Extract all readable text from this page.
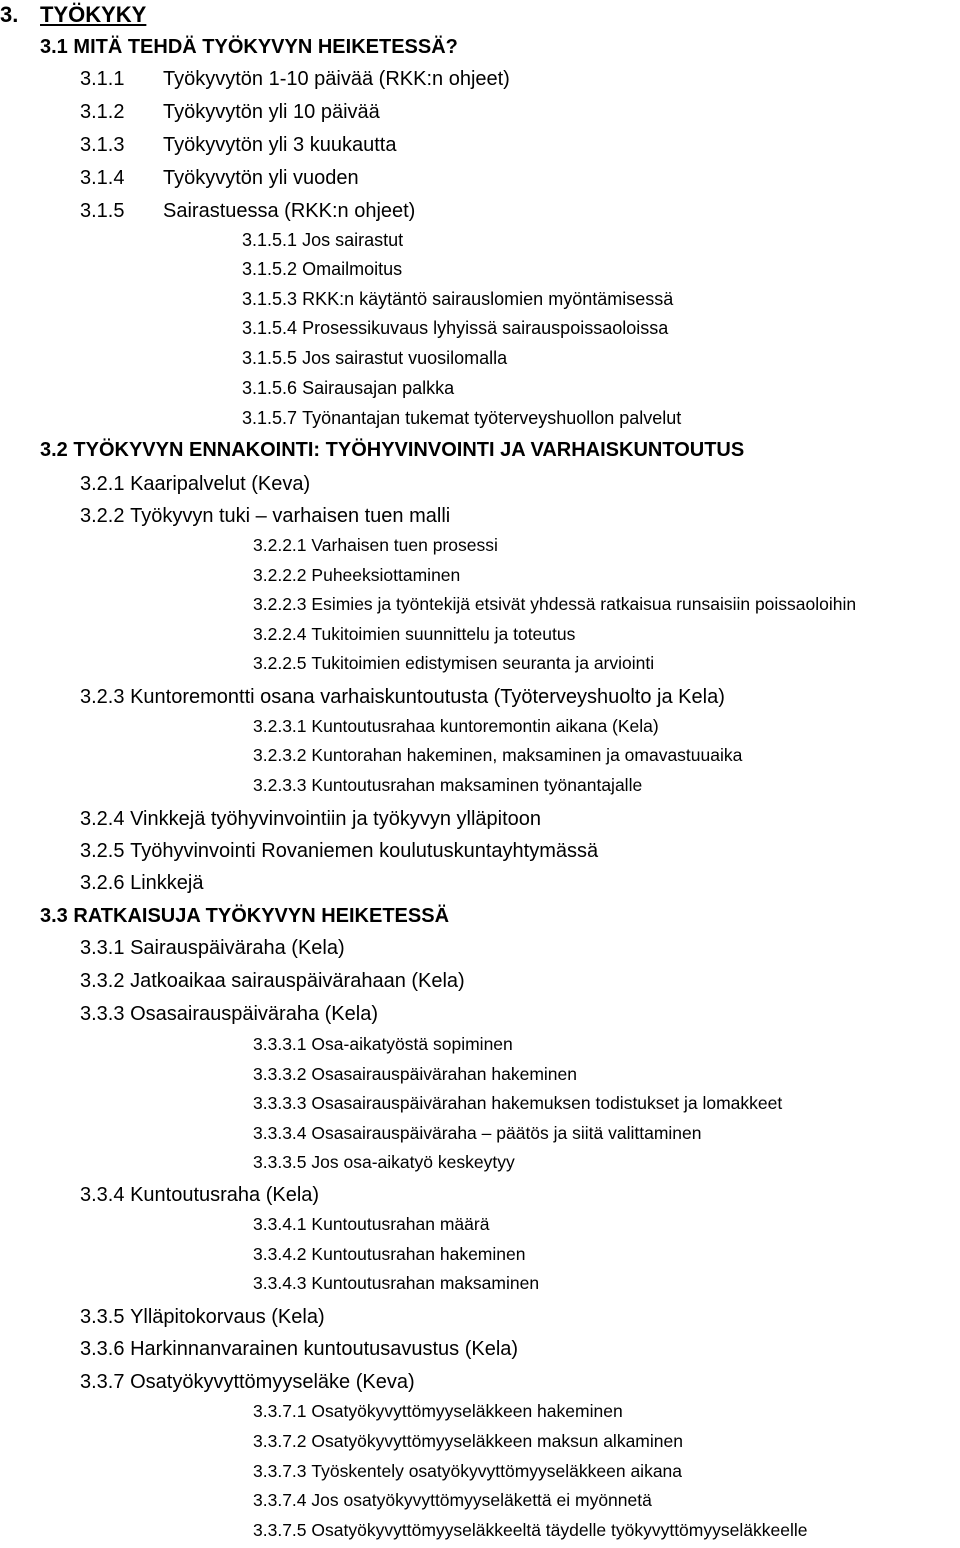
3. TYÖKYKY
3.1 MITÄ TEHDÄ TYÖKYVYN HEIKETESSÄ?
3.1.1 Työkyvytön 1-10 päivää (RKK:n ohjeet)
3.1.2 Työkyvytön yli 10 päivää
3.1.3 Työkyvytön yli 3 kuukautta
3.1.4 Työkyvytön yli vuoden
3.1.5 Sairastuessa (RKK:n ohjeet)
3.1.5.1 Jos sairastut
3.1.5.2 Omailmoitus
3.1.5.3 RKK:n käytäntö sairauslomien myöntämisessä
3.1.5.4 Prosessikuvaus lyhyissä sairauspoissaoloissa
3.1.5.5 Jos sairastut vuosilomalla
3.1.5.6 Sairausajan palkka
3.1.5.7 Työnantajan tukemat työterveyshuollon palvelut
3.2 TYÖKYVYN ENNAKOINTI: TYÖHYVINVOINTI JA VARHAISKUNTOUTUS
3.2.1 Kaaripalvelut (Keva)
3.2.2 Työkyvyn tuki – varhaisen tuen malli
3.2.2.1 Varhaisen tuen prosessi
3.2.2.2 Puheeksiottaminen
3.2.2.3 Esimies ja työntekijä etsivät yhdessä ratkaisua runsaisiin poissaoloihin
3.2.2.4 Tukitoimien suunnittelu ja toteutus
3.2.2.5 Tukitoimien edistymisen seuranta ja arviointi
3.2.3 Kuntoremontti osana varhaiskuntoutusta (Työterveyshuolto ja Kela)
3.2.3.1 Kuntoutusrahaa kuntoremontin aikana (Kela)
3.2.3.2 Kuntorahan hakeminen, maksaminen ja omavastuuaika
3.2.3.3 Kuntoutusrahan maksaminen työnantajalle
3.2.4 Vinkkejä työhyvinvointiin ja työkyvyn ylläpitoon
3.2.5 Työhyvinvointi Rovaniemen koulutuskuntayhtymässä
3.2.6 Linkkejä
3.3 RATKAISUJA TYÖKYVYN HEIKETESSÄ
3.3.1 Sairauspäiväraha (Kela)
3.3.2 Jatkoaikaa sairauspäivärahaan (Kela)
3.3.3 Osasairauspäiväraha (Kela)
3.3.3.1 Osa-aikatyöstä sopiminen
3.3.3.2 Osasairauspäivärahan hakeminen
3.3.3.3 Osasairauspäivärahan hakemuksen todistukset ja lomakkeet
3.3.3.4 Osasairauspäiväraha – päätös ja siitä valittaminen
3.3.3.5 Jos osa-aikatyö keskeytyy
3.3.4 Kuntoutusraha (Kela)
3.3.4.1 Kuntoutusrahan määrä
3.3.4.2 Kuntoutusrahan hakeminen
3.3.4.3 Kuntoutusrahan maksaminen
3.3.5 Ylläpitokorvaus (Kela)
3.3.6 Harkinnanvarainen kuntoutusavustus (Kela)
3.3.7 Osatyökyvyttömyyseläke (Keva)
3.3.7.1 Osatyökyvyttömyyseläkkeen hakeminen
3.3.7.2 Osatyökyvyttömyyseläkkeen maksun alkaminen
3.3.7.3 Työskentely osatyökyvyttömyyseläkkeen aikana
3.3.7.4 Jos osatyökyvyttömyyseläkettä ei myönnetä
3.3.7.5 Osatyökyvyttömyyseläkkeeltä täydelle työkyvyttömyyseläkkeelle
